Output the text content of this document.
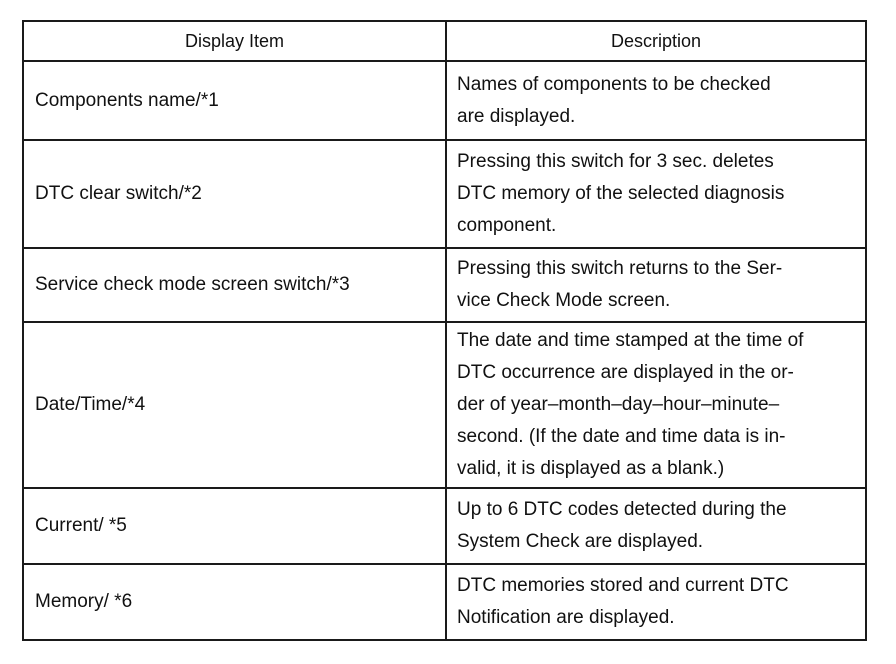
Display Item	Description
Components name/*1	Names of components to be checked
are displayed.

DTC clear switch/*2	Pressing this switch for 3 sec. deletes
DTC memory of the selected diagnosis
component.

Service check mode screen switch/*3	Pressing this switch returns to the Ser-
vice Check Mode screen.

Date/Time/*4	The date and time stamped at the time of
DTC occurrence are displayed in the or-
der of year–month–day–hour–minute–
second. (If the date and time data is in-
valid, it is displayed as a blank.)

Current/ *5	Up to 6 DTC codes detected during the
System Check are displayed.

Memory/ *6	DTC memories stored and current DTC
Notification are displayed.
